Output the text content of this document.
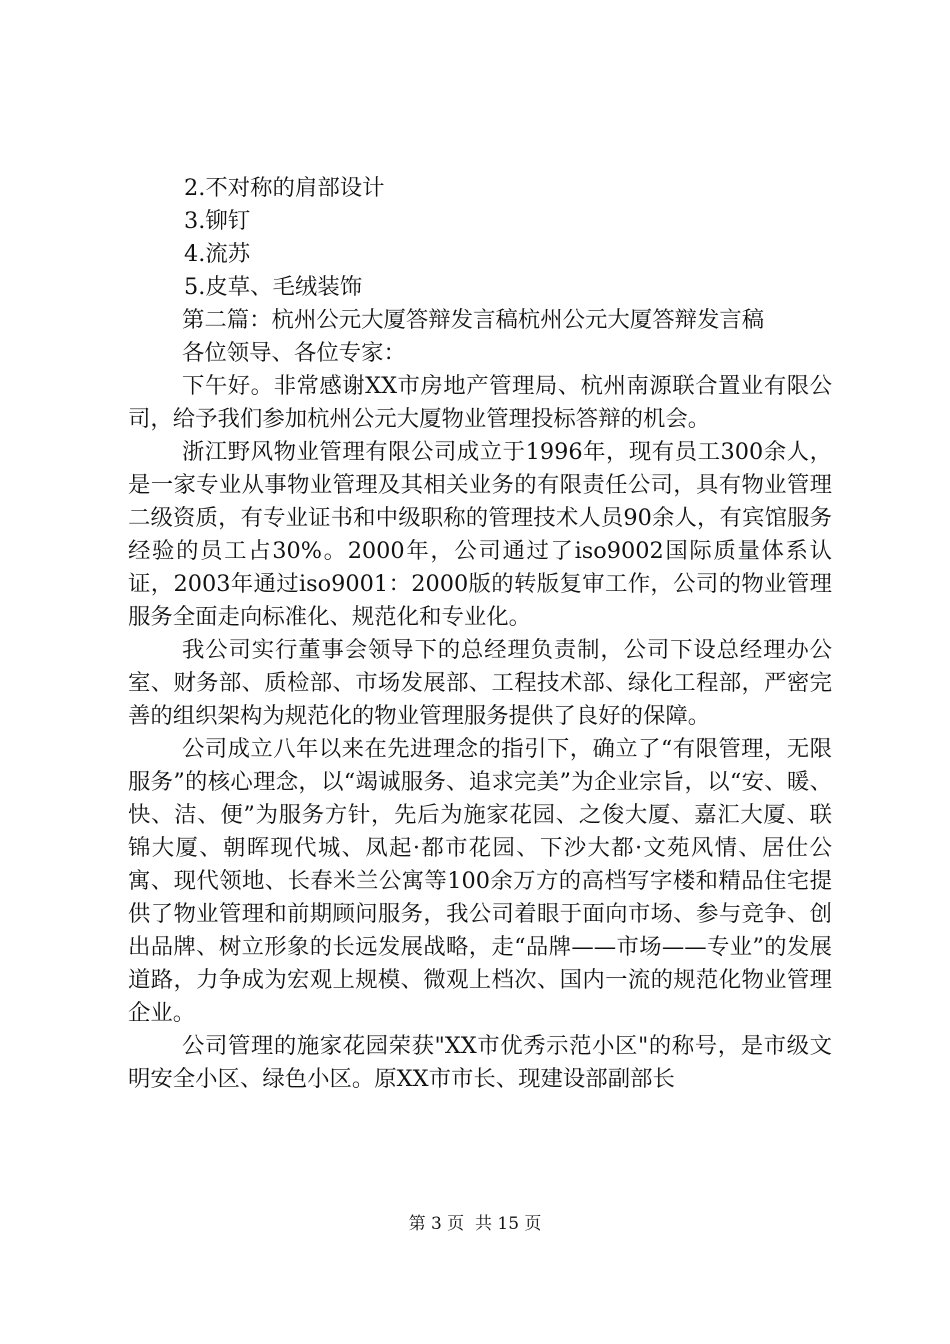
2.不对称的肩部设计
3.铆钉
4.流苏
5.皮草、毛绒装饰

第二篇：杭州公元大厦答辩发言稿杭州公元大厦答辩发言稿

各位领导、各位专家：

下午好。非常感谢XX市房地产管理局、杭州南源联合置业有限公司，给予我们参加杭州公元大厦物业管理投标答辩的机会。

浙江野风物业管理有限公司成立于1996年，现有员工300余人，是一家专业从事物业管理及其相关业务的有限责任公司，具有物业管理二级资质，有专业证书和中级职称的管理技术人员90余人，有宾馆服务经验的员工占30%。2000年，公司通过了iso9002国际质量体系认证，2003年通过iso9001：2000版的转版复审工作，公司的物业管理服务全面走向标准化、规范化和专业化。

我公司实行董事会领导下的总经理负责制，公司下设总经理办公室、财务部、质检部、市场发展部、工程技术部、绿化工程部，严密完善的组织架构为规范化的物业管理服务提供了良好的保障。

公司成立八年以来在先进理念的指引下，确立了“有限管理，无限服务”的核心理念，以“竭诚服务、追求完美”为企业宗旨，以“安、暖、快、洁、便”为服务方针，先后为施家花园、之俊大厦、嘉汇大厦、联锦大厦、朝晖现代城、凤起·都市花园、下沙大都·文苑风情、居仕公寓、现代领地、长春米兰公寓等100余万方的高档写字楼和精品住宅提供了物业管理和前期顾问服务，我公司着眼于面向市场、参与竞争、创出品牌、树立形象的长远发展战略，走“品牌——市场——专业”的发展道路，力争成为宏观上规模、微观上档次、国内一流的规范化物业管理企业。

公司管理的施家花园荣获"XX市优秀示范小区"的称号，是市级文明安全小区、绿色小区。原XX市市长、现建设部副部长

第 3 页  共 15 页
